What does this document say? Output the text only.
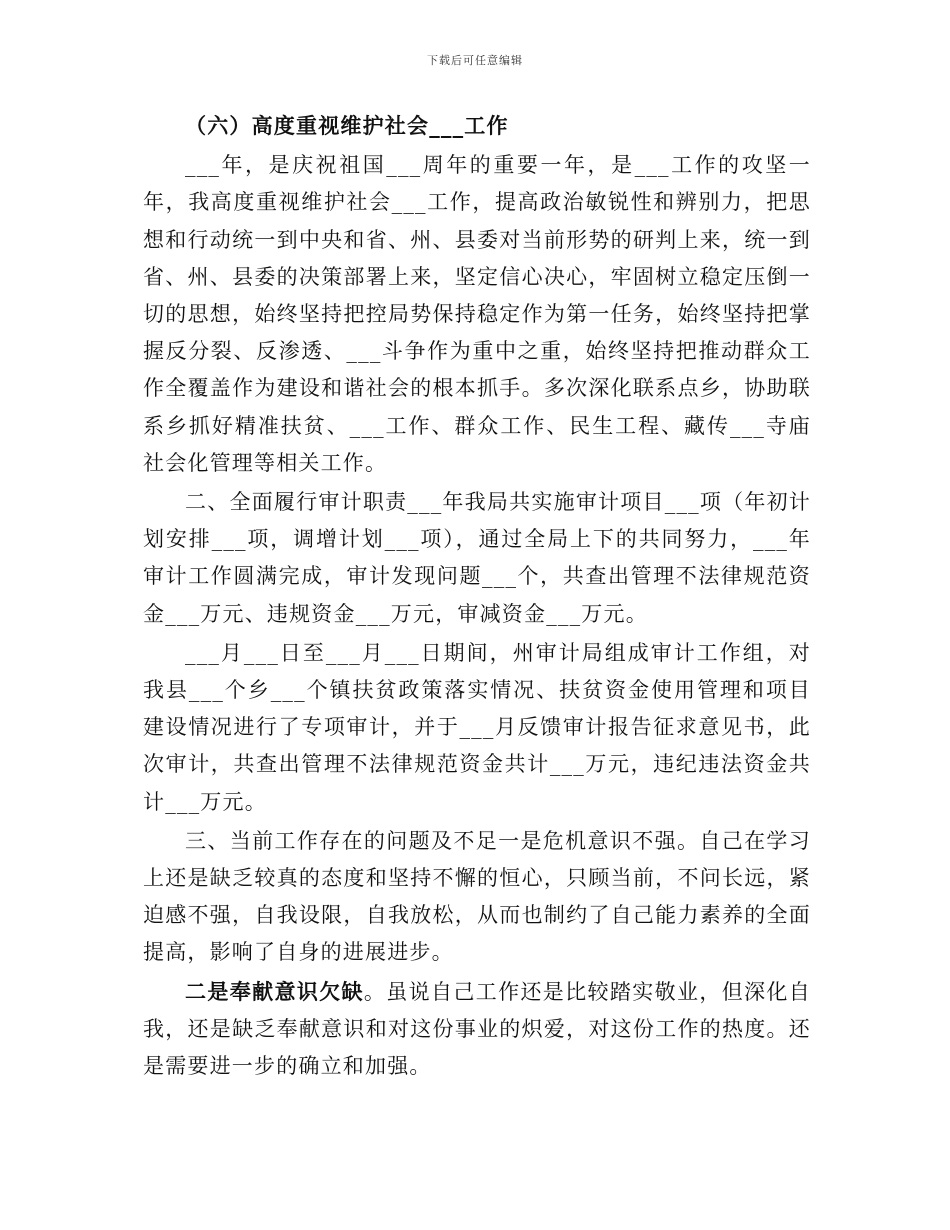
下载后可任意编辑

（六）高度重视维护社会___工作

___年，是庆祝祖国___周年的重要一年，是___工作的攻坚一年，我高度重视维护社会___工作，提高政治敏锐性和辨别力，把思想和行动统一到中央和省、州、县委对当前形势的研判上来，统一到省、州、县委的决策部署上来，坚定信心决心，牢固树立稳定压倒一切的思想，始终坚持把控局势保持稳定作为第一任务，始终坚持把掌握反分裂、反渗透、___斗争作为重中之重，始终坚持把推动群众工作全覆盖作为建设和谐社会的根本抓手。多次深化联系点乡，协助联系乡抓好精准扶贫、___工作、群众工作、民生工程、藏传___寺庙社会化管理等相关工作。

二、全面履行审计职责___年我局共实施审计项目___项（年初计划安排___项，调增计划___项），通过全局上下的共同努力，___年审计工作圆满完成，审计发现问题___个，共查出管理不法律规范资金___万元、违规资金___万元，审减资金___万元。

___月___日至___月___日期间，州审计局组成审计工作组，对我县___个乡___个镇扶贫政策落实情况、扶贫资金使用管理和项目建设情况进行了专项审计，并于___月反馈审计报告征求意见书，此次审计，共查出管理不法律规范资金共计___万元，违纪违法资金共计___万元。

三、当前工作存在的问题及不足一是危机意识不强。自己在学习上还是缺乏较真的态度和坚持不懈的恒心，只顾当前，不问长远，紧迫感不强，自我设限，自我放松，从而也制约了自己能力素养的全面提高，影响了自身的进展进步。

二是奉献意识欠缺。虽说自己工作还是比较踏实敬业，但深化自我，还是缺乏奉献意识和对这份事业的炽爱，对这份工作的热度。还是需要进一步的确立和加强。
